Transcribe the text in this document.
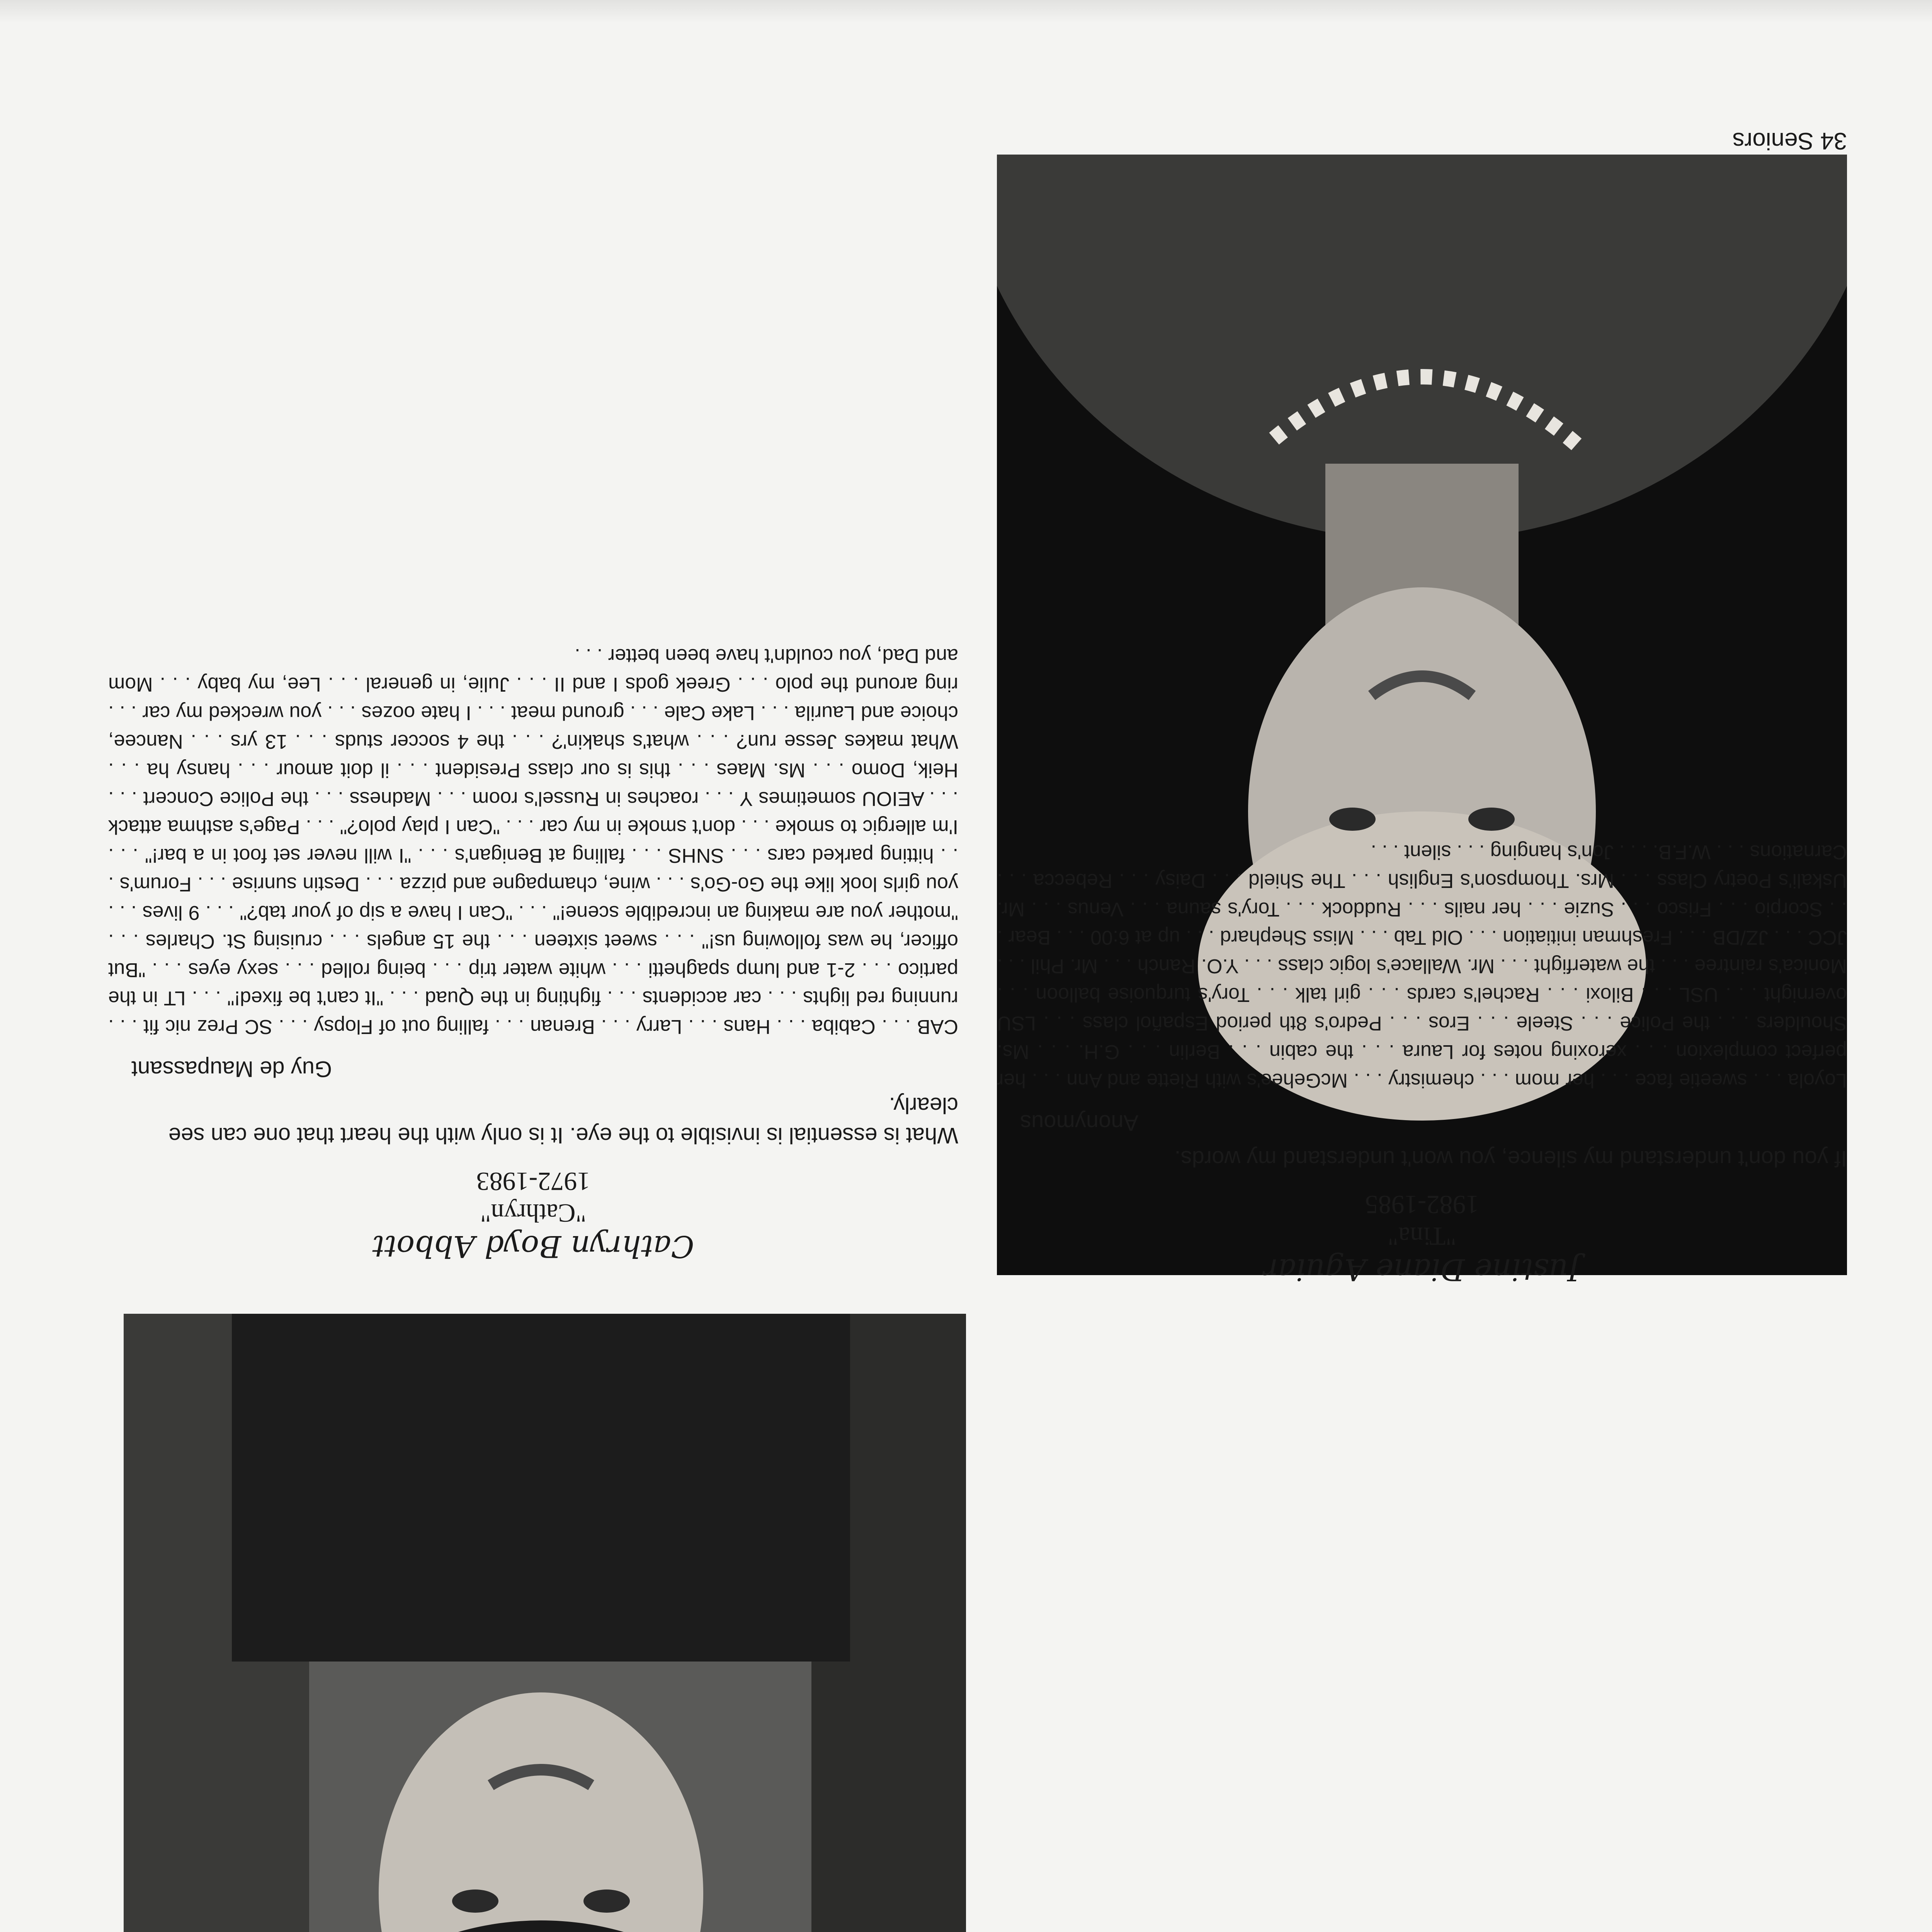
Cathryn Boyd Abbott

"Cathryn"

1972-1983

What is essential is invisible to the eye. It is only with the heart that one can see clearly.

Guy de Maupassant

CAB . . . Cabiba . . . Hans . . . Larry . . . Brenan . . . falling out of Flopsy . . . SC Prez nic fit . . . running red lights . . . car accidents . . . fighting in the Quad . . . "It can't be fixed!" . . . LT in the partico . . . 2-1 and lump spaghetti . . . white water trip . . . being rolled . . . sexy eyes . . . "But officer, he was following us!" . . . sweet sixteen . . . the 15 angels . . . cruising St. Charles . . . "mother you are making an incredible scene!" . . . "Can I have a sip of your tab?" . . . 9 lives . . . you girls look like the Go-Go's . . . wine, champagne and pizza . . . Destin sunrise . . . Forum's . . . hitting parked cars . . . SNHS . . . falling at Benigan's . . . "I will never set foot in a bar!" . . . I'm allergic to smoke . . . don't smoke in my car . . . "Can I play polo?" . . . Page's asthma attack . . . AEIOU sometimes Y . . . roaches in Russel's room . . . Madness . . . the Police Concert . . . Heik, Domo . . . Ms. Maes . . . this is our class President . . . il doit amour . . . hansy ha . . . What makes Jesse run? . . . what's shakin'? . . . the 4 soccer studs . . . 13 yrs . . . Nancee, choice and Laurila . . . Lake Cale . . . ground meat . . . I hate oozes . . . you wrecked my car . . . ring around the polo . . . Greek gods I and II . . . Julie, in general . . . Lee, my baby . . . Mom and Dad, you couldn't have been better . . .

Justine Diane Aguiar

"Tina"

1982-1985

If you don't understand my silence, you won't understand my words.

Anonymous

Loyola . . . sweetie face . . . her mom . . . chemistry . . . McGehee's with Riette and Ann . . . her perfect complexion . . . xeroxing notes for Laura . . . the cabin . . . Berlin . . . G.H. . . . Ms. Shoulders . . . the Police . . . Steele . . . Eros . . . Pedro's 8th period Español class . . . LSU overnight . . . USL . . . Biloxi . . . Rachel's cards . . . girl talk . . . Tory's turquoise balloon . . . Monica's raintree . . . the waterfight . . . Mr. Wallace's logic class . . . Y.O. Ranch . . . Mr. Phil . . . JCC . . . JZ/DB . . . Freshman initiation . . . Old Tab . . . Miss Shephard . . . up at 6:00 . . . Bear . . . Scorpio . . . Frisco . . . Suzie . . . her nails . . . Ruddock . . . Tory's sauna . . . Venus . . . Mr. Uskali's Poetry Class . . . Mrs. Thompson's English . . . The Shield . . . Daisy . . . Rebecca . . . Carnations . . . W.F.B. . . . Jon's hanging . . . silent . . .

34 Seniors
